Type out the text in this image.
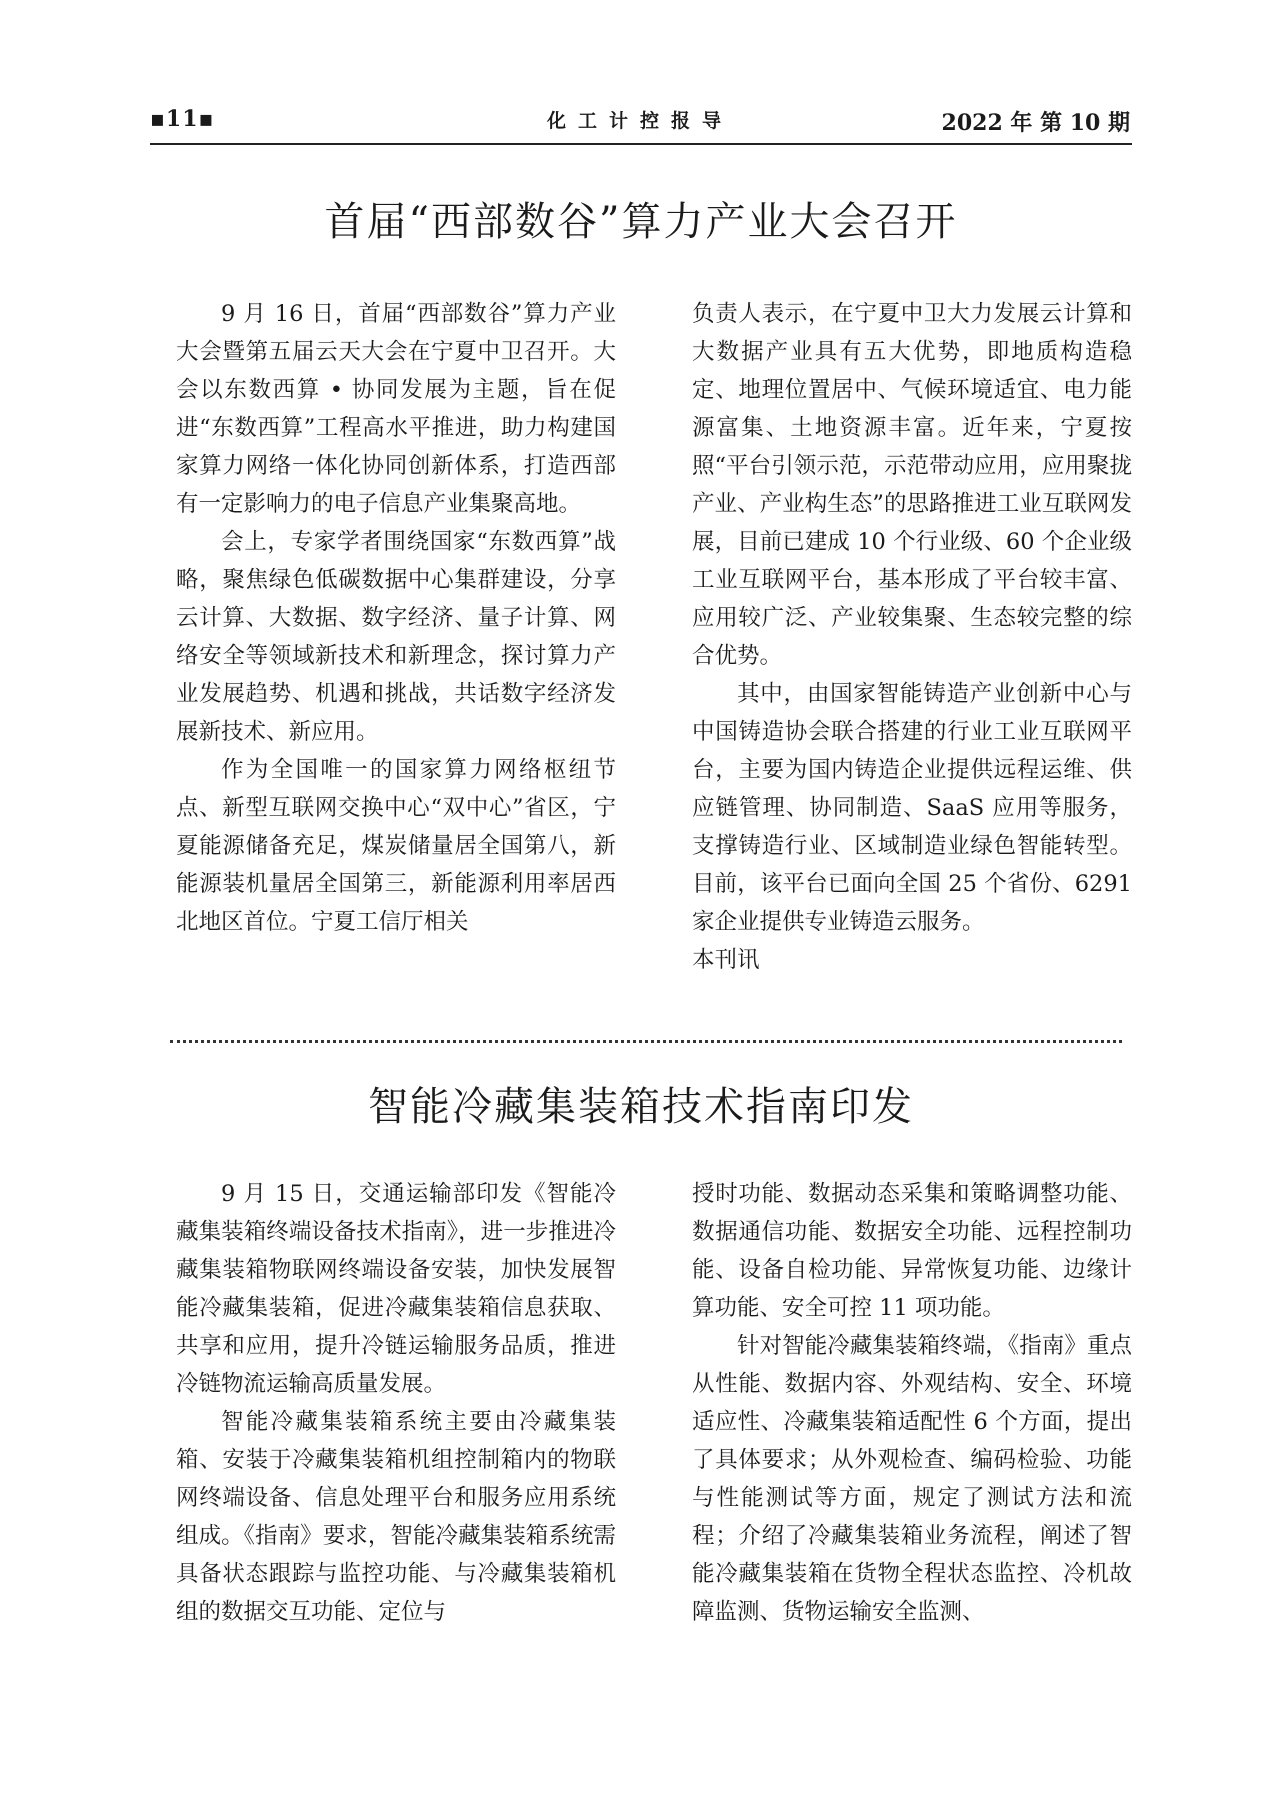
▪11▪	化工计控报导	2022 年 第 10 期
首届“西部数谷”算力产业大会召开

9 月 16 日，首届“西部数谷”算力产业大会暨第五届云天大会在宁夏中卫召开。大会以东数西算 • 协同发展为主题，旨在促进“东数西算”工程高水平推进，助力构建国家算力网络一体化协同创新体系，打造西部有一定影响力的电子信息产业集聚高地。

会上，专家学者围绕国家“东数西算”战略，聚焦绿色低碳数据中心集群建设，分享云计算、大数据、数字经济、量子计算、网络安全等领域新技术和新理念，探讨算力产业发展趋势、机遇和挑战，共话数字经济发展新技术、新应用。

作为全国唯一的国家算力网络枢纽节点、新型互联网交换中心“双中心”省区，宁夏能源储备充足，煤炭储量居全国第八，新能源装机量居全国第三，新能源利用率居西北地区首位。宁夏工信厅相关

负责人表示，在宁夏中卫大力发展云计算和大数据产业具有五大优势，即地质构造稳定、地理位置居中、气候环境适宜、电力能源富集、土地资源丰富。近年来，宁夏按照“平台引领示范，示范带动应用，应用聚拢产业、产业构生态”的思路推进工业互联网发展，目前已建成 10 个行业级、60 个企业级工业互联网平台，基本形成了平台较丰富、应用较广泛、产业较集聚、生态较完整的综合优势。

其中，由国家智能铸造产业创新中心与中国铸造协会联合搭建的行业工业互联网平台，主要为国内铸造企业提供远程运维、供应链管理、协同制造、SaaS 应用等服务，支撑铸造行业、区域制造业绿色智能转型。目前，该平台已面向全国 25 个省份、6291 家企业提供专业铸造云服务。

本刊讯

智能冷藏集装箱技术指南印发

9 月 15 日，交通运输部印发《智能冷藏集装箱终端设备技术指南》，进一步推进冷藏集装箱物联网终端设备安装，加快发展智能冷藏集装箱，促进冷藏集装箱信息获取、共享和应用，提升冷链运输服务品质，推进冷链物流运输高质量发展。

智能冷藏集装箱系统主要由冷藏集装箱、安装于冷藏集装箱机组控制箱内的物联网终端设备、信息处理平台和服务应用系统组成。《指南》要求，智能冷藏集装箱系统需具备状态跟踪与监控功能、与冷藏集装箱机组的数据交互功能、定位与

授时功能、数据动态采集和策略调整功能、数据通信功能、数据安全功能、远程控制功能、设备自检功能、异常恢复功能、边缘计算功能、安全可控 11 项功能。

针对智能冷藏集装箱终端，《指南》重点从性能、数据内容、外观结构、安全、环境适应性、冷藏集装箱适配性 6 个方面，提出了具体要求；从外观检查、编码检验、功能与性能测试等方面，规定了测试方法和流程；介绍了冷藏集装箱业务流程，阐述了智能冷藏集装箱在货物全程状态监控、冷机故障监测、货物运输安全监测、
